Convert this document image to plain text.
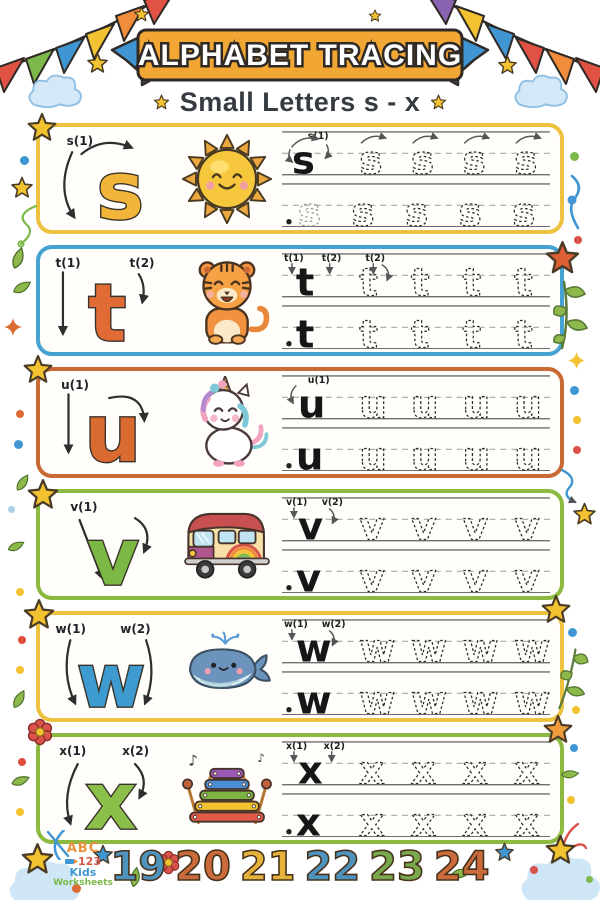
ALPHABET TRACING
Small Letters s - x
s(1)
s
s(1)
s s s s s
s s s s s
t(1)	t(2)
t
t(1) t(2)	t(2)
t t t t t
t t t t t
u(1)
u
u(1)
u u u u u
u u u u u
v(1)
v
v(1) v(2)
v v v v v
v v v v v
w(1)	w(2)
w
w(1) w(2)
w w w w w
w w w w w
x(1)	x(2)
x	♪	♪
x(1) x(2)
x x x x x
x x x x x
ABC
123
Kids
Worksheets
19 20 21 22 23 24
